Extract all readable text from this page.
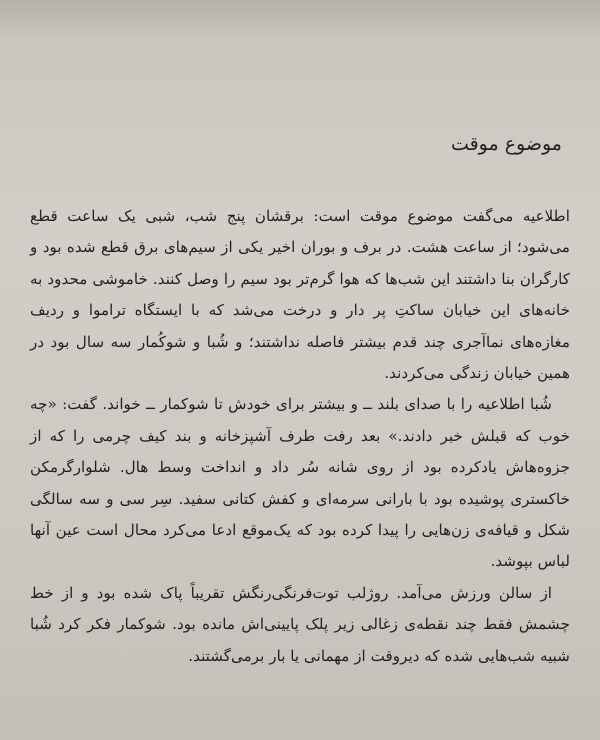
موضوع موقت

اطلاعیه می‌گفت موضوع موقت است: برقشان پنج شب، شبی یک ساعت قطع می‌شود؛ از ساعت هشت. در برف و بوران اخیر یکی از سیم‌های برق قطع شده بود و کارگران بنا داشتند این شب‌ها که هوا گرم‌تر بود سیم را وصل کنند. خاموشی محدود به خانه‌های این خیابان ساکتِ پر دار و درخت می‌شد که با ایستگاه تراموا و ردیف مغازه‌های نماآجری چند قدم بیشتر فاصله نداشتند؛ و شُبا و شوکُمار سه سال بود در همین خیابان زندگی می‌کردند.

شُبا اطلاعیه را با صدای بلند ــ و بیشتر برای خودش تا شوکمار ــ خواند. گفت: «چه خوب که قبلش خبر دادند.» بعد رفت طرف آشپزخانه و بند کیف چرمی را که از جزوه‌هاش یادکرده بود از روی شانه سُر داد و انداخت وسط هال. شلوارگرمکن خاکستری پوشیده بود با بارانی سرمه‌ای و کفش کتانی سفید. سِر سی و سه سالگی شکل و قیافه‌ی زن‌هایی را پیدا کرده بود که یک‌موقع ادعا می‌کرد محال است عین آنها لباس بپوشد.

از سالن ورزش می‌آمد. روژلب توت‌فرنگی‌رنگش تقریباً پاک شده بود و از خط چشمش فقط چند نقطه‌ی زغالی زیر پلک پایینی‌اش مانده بود. شوکمار فکر کرد شُبا شبیه شب‌هایی شده که دیروقت از مهمانی یا بار برمی‌گشتند.
